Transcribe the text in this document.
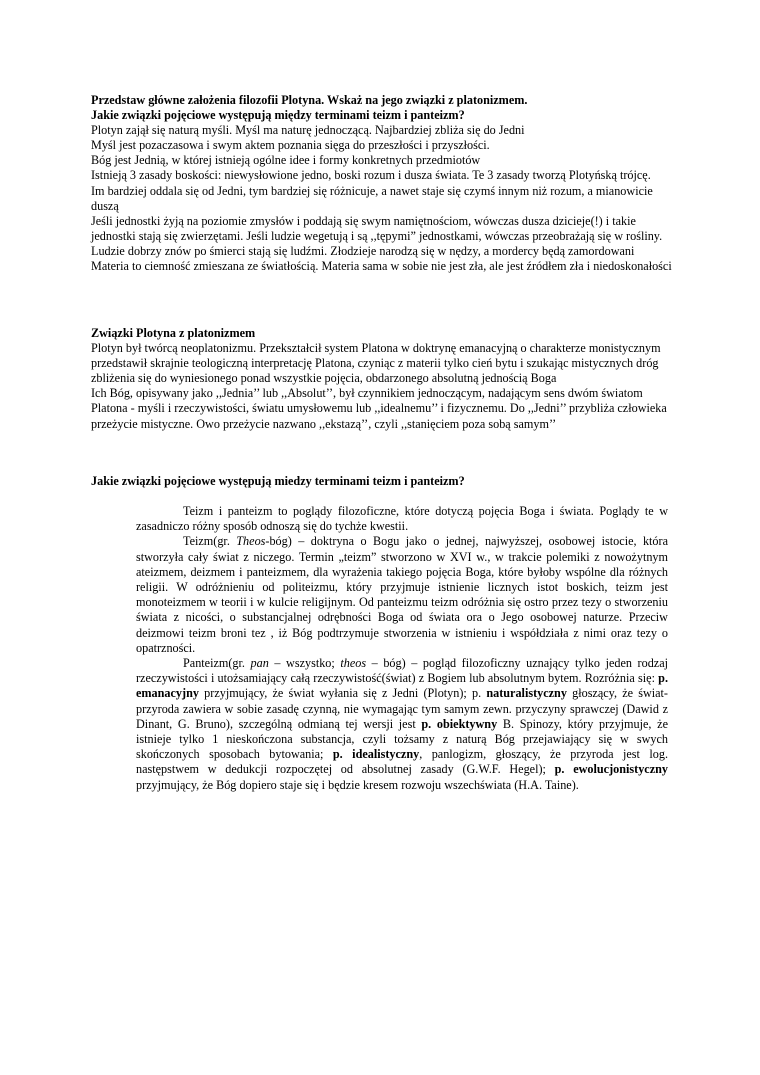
Przedstaw główne założenia filozofii Plotyna. Wskaż na jego związki z platonizmem.

Jakie związki pojęciowe występują między terminami teizm i panteizm?

Plotyn zajął się naturą myśli. Myśl ma naturę jednoczącą. Najbardziej zbliża się do Jedni

Myśl jest pozaczasowa i swym aktem poznania sięga do przeszłości i przyszłości.

Bóg jest Jednią, w której istnieją ogólne idee i formy konkretnych przedmiotów

Istnieją 3 zasady boskości: niewysłowione jedno, boski rozum i dusza świata. Te 3 zasady tworzą Plotyńską trójcę.

Im bardziej oddala się od Jedni, tym bardziej się różnicuje, a nawet staje się czymś innym niż rozum, a mianowicie duszą

Jeśli jednostki żyją na poziomie zmysłów i poddają się swym namiętnościom, wówczas dusza dzicieje(!) i takie jednostki stają się zwierzętami. Jeśli ludzie wegetują i są ,,tępymi” jednostkami, wówczas przeobrażają się w rośliny. Ludzie dobrzy znów po śmierci stają się ludźmi. Złodzieje narodzą się w nędzy, a mordercy będą zamordowani

Materia to ciemność zmieszana ze światłością. Materia sama w sobie nie jest zła, ale jest źródłem zła i niedoskonałości

Związki Plotyna z platonizmem

Plotyn był twórcą neoplatonizmu. Przekształcił system Platona w doktrynę emanacyjną o charakterze monistycznym

przedstawił skrajnie teologiczną interpretację Platona, czyniąc z materii tylko cień bytu i szukając mistycznych dróg zbliżenia się do wyniesionego ponad wszystkie pojęcia, obdarzonego absolutną jednością Boga

Ich Bóg, opisywany jako ,,Jednia’’ lub ,,Absolut’’, był czynnikiem jednoczącym, nadającym sens dwóm światom Platona - myśli i rzeczywistości, światu umysłowemu lub ,,idealnemu’’ i fizycznemu. Do ,,Jedni’’ przybliża człowieka przeżycie mistyczne. Owo przeżycie nazwano ,,ekstazą’’, czyli ,,stanięciem poza sobą samym’’

Jakie związki pojęciowe występują miedzy terminami teizm i panteizm?

Teizm i panteizm to poglądy filozoficzne, które dotyczą pojęcia Boga i świata. Poglądy te w zasadniczo różny sposób odnoszą się do tychże kwestii.

Teizm(gr. Theos-bóg) – doktryna o Bogu jako o jednej, najwyższej, osobowej istocie, która stworzyła cały świat z niczego. Termin „teizm” stworzono w XVI w., w trakcie polemiki z nowożytnym ateizmem, deizmem i panteizmem, dla wyrażenia takiego pojęcia Boga, które byłoby wspólne dla różnych religii. W odróżnieniu od politeizmu, który przyjmuje istnienie licznych istot boskich, teizm jest monoteizmem w teorii i w kulcie religijnym. Od panteizmu teizm odróżnia się ostro przez tezy o stworzeniu świata z nicości, o substancjalnej odrębności Boga od świata ora o Jego osobowej naturze. Przeciw deizmowi teizm broni tez , iż Bóg podtrzymuje stworzenia w istnieniu i współdziała z nimi oraz tezy o opatrzności.

Panteizm(gr. pan – wszystko; theos – bóg) – pogląd filozoficzny uznający tylko jeden rodzaj rzeczywistości i utożsamiający całą rzeczywistość(świat) z Bogiem lub absolutnym bytem. Rozróżnia się: p. emanacyjny przyjmujący, że świat wyłania się z Jedni (Plotyn); p. naturalistyczny głoszący, że świat-przyroda zawiera w sobie zasadę czynną, nie wymagając tym samym zewn. przyczyny sprawczej (Dawid z Dinant, G. Bruno), szczególną odmianą tej wersji jest p. obiektywny B. Spinozy, który przyjmuje, że istnieje tylko 1 nieskończona substancja, czyli tożsamy z naturą Bóg przejawiający się w swych skończonych sposobach bytowania; p. idealistyczny, panlogizm, głoszący, że przyroda jest log. następstwem w dedukcji rozpoczętej od absolutnej zasady (G.W.F. Hegel); p. ewolucjonistyczny przyjmujący, że Bóg dopiero staje się i będzie kresem rozwoju wszechświata (H.A. Taine).
